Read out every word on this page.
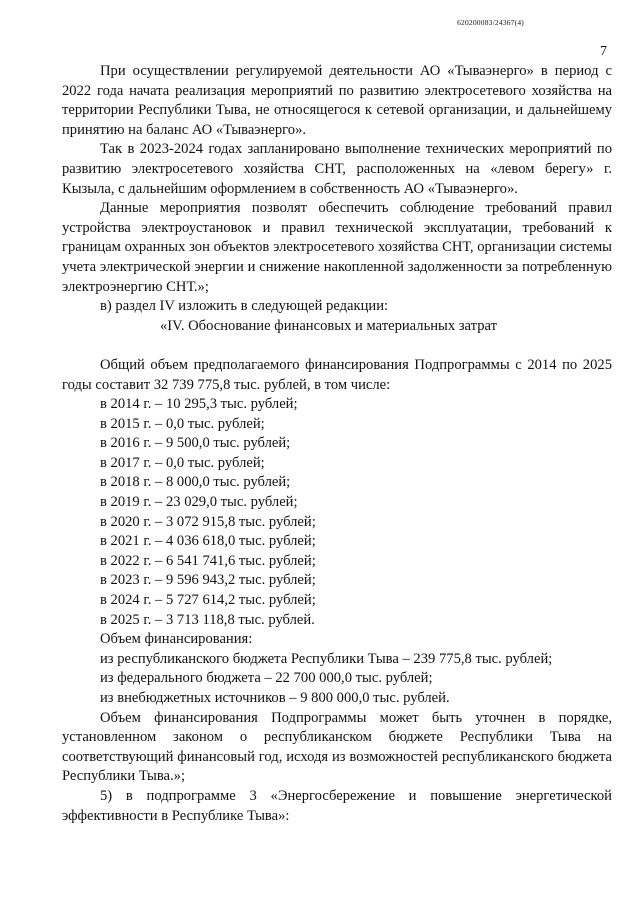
620200083/24367(4)
7

При осуществлении регулируемой деятельности АО «Тываэнерго» в период с 2022 года начата реализация мероприятий по развитию электросетевого хозяйства на территории Республики Тыва, не относящегося к сетевой организации, и дальнейшему принятию на баланс АО «Тываэнерго».

Так в 2023-2024 годах запланировано выполнение технических мероприятий по развитию электросетевого хозяйства СНТ, расположенных на «левом берегу» г. Кызыла, с дальнейшим оформлением в собственность АО «Тываэнерго».

Данные мероприятия позволят обеспечить соблюдение требований правил устройства электроустановок и правил технической эксплуатации, требований к границам охранных зон объектов электросетевого хозяйства СНТ, организации системы учета электрической энергии и снижение накопленной задолженности за потребленную электроэнергию СНТ.»;

в) раздел IV изложить в следующей редакции:

«IV. Обоснование финансовых и материальных затрат

Общий объем предполагаемого финансирования Подпрограммы с 2014 по 2025 годы составит 32 739 775,8 тыс. рублей, в том числе:

в 2014 г. – 10 295,3 тыс. рублей;

в 2015 г. – 0,0 тыс. рублей;

в 2016 г. – 9 500,0 тыс. рублей;

в 2017 г. – 0,0 тыс. рублей;

в 2018 г. – 8 000,0 тыс. рублей;

в 2019 г. – 23 029,0 тыс. рублей;

в 2020 г. – 3 072 915,8 тыс. рублей;

в 2021 г. – 4 036 618,0 тыс. рублей;

в 2022 г. – 6 541 741,6 тыс. рублей;

в 2023 г. – 9 596 943,2 тыс. рублей;

в 2024 г. – 5 727 614,2 тыс. рублей;

в 2025 г. – 3 713 118,8 тыс. рублей.

Объем финансирования:

из республиканского бюджета Республики Тыва – 239 775,8 тыс. рублей;

из федерального бюджета – 22 700 000,0 тыс. рублей;

из внебюджетных источников – 9 800 000,0 тыс. рублей.

Объем финансирования Подпрограммы может быть уточнен в порядке, установленном законом о республиканском бюджете Республики Тыва на соответствующий финансовый год, исходя из возможностей республиканского бюджета Республики Тыва.»;

5) в подпрограмме 3 «Энергосбережение и повышение энергетической эффективности в Республике Тыва»:
